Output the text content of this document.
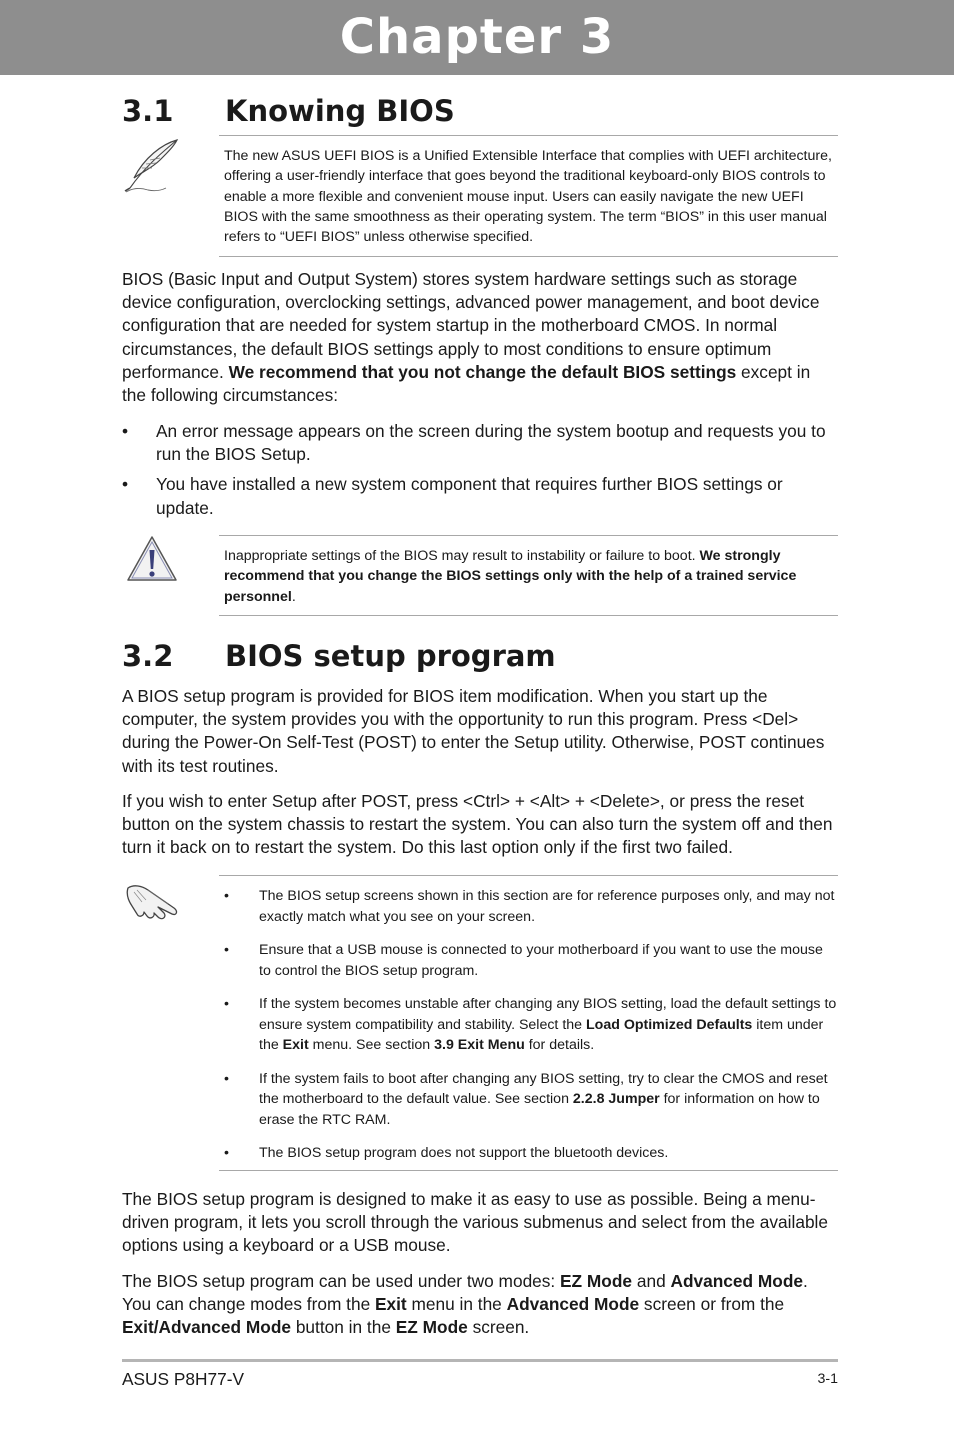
Chapter 3
3.1 Knowing BIOS

The new ASUS UEFI BIOS is a Unified Extensible Interface that complies with UEFI architecture, offering a user-friendly interface that goes beyond the traditional keyboard-only BIOS controls to enable a more flexible and convenient mouse input. Users can easily navigate the new UEFI BIOS with the same smoothness as their operating system. The term “BIOS” in this user manual refers to “UEFI BIOS” unless otherwise specified.

BIOS (Basic Input and Output System) stores system hardware settings such as storage device configuration, overclocking settings, advanced power management, and boot device configuration that are needed for system startup in the motherboard CMOS. In normal circumstances, the default BIOS settings apply to most conditions to ensure optimum performance. We recommend that you not change the default BIOS settings except in the following circumstances:

• An error message appears on the screen during the system bootup and requests you to run the BIOS Setup.
• You have installed a new system component that requires further BIOS settings or update.

Inappropriate settings of the BIOS may result to instability or failure to boot. We strongly recommend that you change the BIOS settings only with the help of a trained service personnel.

3.2 BIOS setup program

A BIOS setup program is provided for BIOS item modification. When you start up the computer, the system provides you with the opportunity to run this program. Press <Del> during the Power-On Self-Test (POST) to enter the Setup utility. Otherwise, POST continues with its test routines.

If you wish to enter Setup after POST, press <Ctrl> + <Alt> + <Delete>, or press the reset button on the system chassis to restart the system. You can also turn the system off and then turn it back on to restart the system. Do this last option only if the first two failed.

• The BIOS setup screens shown in this section are for reference purposes only, and may not exactly match what you see on your screen.
• Ensure that a USB mouse is connected to your motherboard if you want to use the mouse to control the BIOS setup program.
• If the system becomes unstable after changing any BIOS setting, load the default settings to ensure system compatibility and stability. Select the Load Optimized Defaults item under the Exit menu. See section 3.9 Exit Menu for details.
• If the system fails to boot after changing any BIOS setting, try to clear the CMOS and reset the motherboard to the default value. See section 2.2.8 Jumper for information on how to erase the RTC RAM.
• The BIOS setup program does not support the bluetooth devices.

The BIOS setup program is designed to make it as easy to use as possible. Being a menu-driven program, it lets you scroll through the various submenus and select from the available options using a keyboard or a USB mouse.

The BIOS setup program can be used under two modes: EZ Mode and Advanced Mode. You can change modes from the Exit menu in the Advanced Mode screen or from the Exit/Advanced Mode button in the EZ Mode screen.

ASUS P8H77-V	3-1
